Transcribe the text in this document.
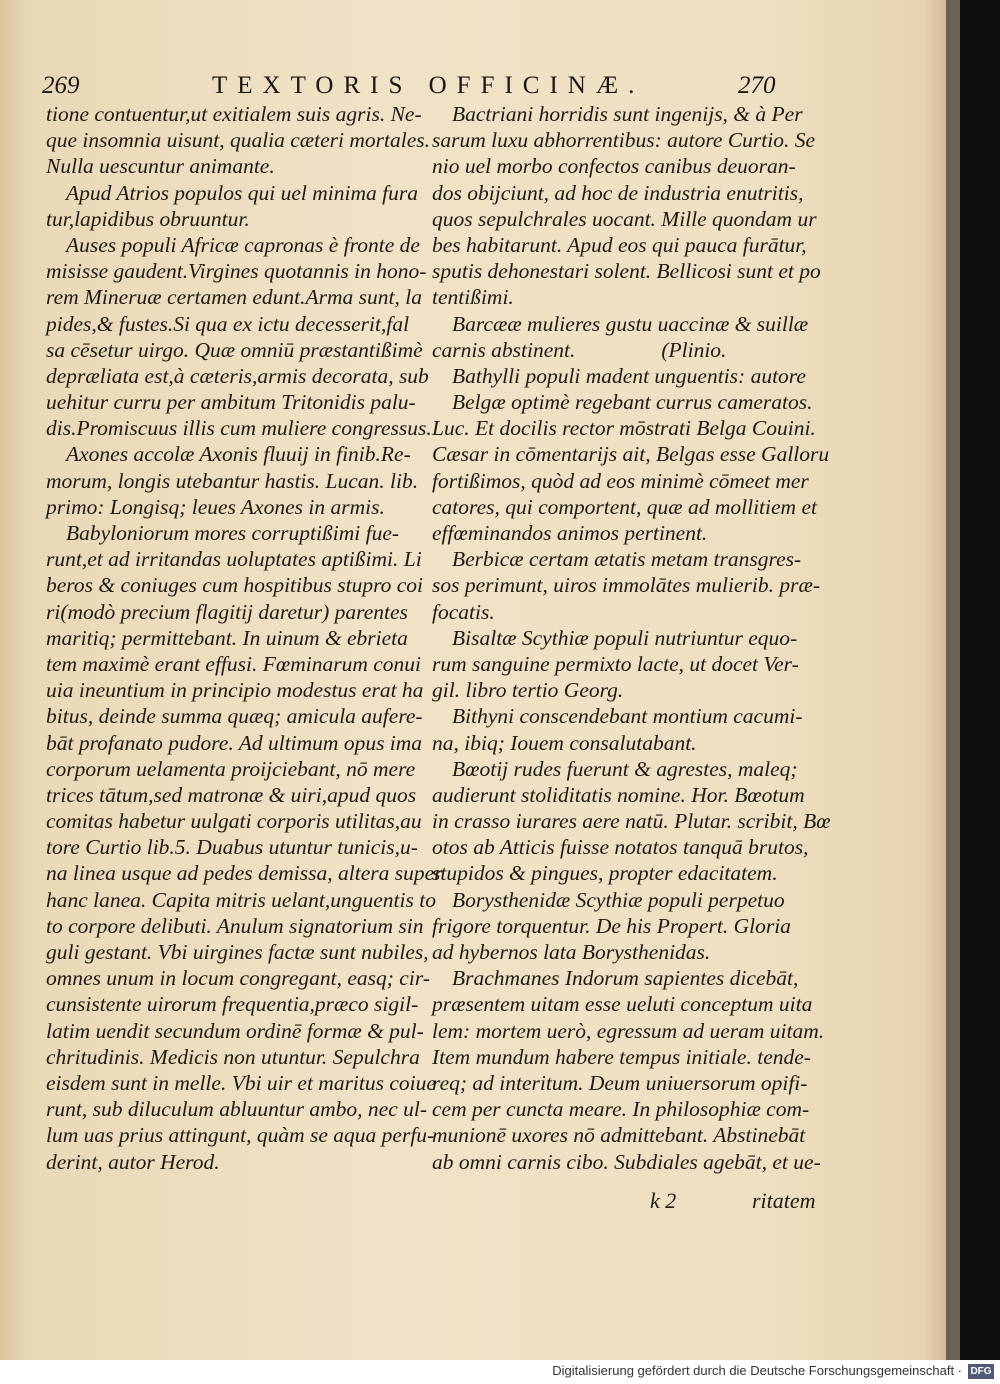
269	TEXTORIS OFFICINÆ.	270
tione contuentur,ut exitialem suis agris. Ne-
que insomnia uisunt, qualia cæteri mortales.
Nulla uescuntur animante.
Apud Atrios populos qui uel minima fura
tur,lapidibus obruuntur.
Auses populi Africæ capronas è fronte de
misisse gaudent.Virgines quotannis in hono-
rem Mineruæ certamen edunt.Arma sunt, la
pides,& fustes.Si qua ex ictu decesserit,fal
sa cēsetur uirgo. Quæ omniū præstantißimè
depræliata est,à cæteris,armis decorata, sub
uehitur curru per ambitum Tritonidis palu-
dis.Promiscuus illis cum muliere congressus.
Axones accolæ Axonis fluuij in finib.Re-
morum, longis utebantur hastis. Lucan. lib.
primo: Longisq; leues Axones in armis.
Babyloniorum mores corruptißimi fue-
runt,et ad irritandas uoluptates aptißimi. Li
beros & coniuges cum hospitibus stupro coi
ri(modò precium flagitij daretur) parentes
maritiq; permittebant. In uinum & ebrieta
tem maximè erant effusi. Fœminarum conui
uia ineuntium in principio modestus erat ha
bitus, deinde summa quæq; amicula aufere-
bāt profanato pudore. Ad ultimum opus ima
corporum uelamenta proijciebant, nō mere
trices tātum,sed matronæ & uiri,apud quos
comitas habetur uulgati corporis utilitas,au
tore Curtio lib.5. Duabus utuntur tunicis,u-
na linea usque ad pedes demissa, altera super
hanc lanea. Capita mitris uelant,unguentis to
to corpore delibuti. Anulum signatorium sin
guli gestant. Vbi uirgines factæ sunt nubiles,
omnes unum in locum congregant, easq; cir-
cunsistente uirorum frequentia,præco sigil-
latim uendit secundum ordinē formæ & pul-
chritudinis. Medicis non utuntur. Sepulchra
eisdem sunt in melle. Vbi uir et maritus coiue
runt, sub diluculum abluuntur ambo, nec ul-
lum uas prius attingunt, quàm se aqua perfu-
derint, autor Herod.
Bactriani horridis sunt ingenijs, & à Per
sarum luxu abhorrentibus: autore Curtio. Se
nio uel morbo confectos canibus deuoran-
dos obijciunt, ad hoc de industria enutritis,
quos sepulchrales uocant. Mille quondam ur
bes habitarunt. Apud eos qui pauca furātur,
sputis dehonestari solent. Bellicosi sunt et po
tentißimi.
Barcææ mulieres gustu uaccinæ & suillæ
carnis abstinent.                (Plinio.
Bathylli populi madent unguentis: autore
Belgæ optimè regebant currus cameratos.
Luc. Et docilis rector mōstrati Belga Couini.
Cæsar in cōmentarijs ait, Belgas esse Galloru
fortißimos, quòd ad eos minimè cōmeet mer
catores, qui comportent, quæ ad mollitiem et
effœminandos animos pertinent.
Berbicæ certam ætatis metam transgres-
sos perimunt, uiros immolātes mulierib. præ-
focatis.
Bisaltæ Scythiæ populi nutriuntur equo-
rum sanguine permixto lacte, ut docet Ver-
gil. libro tertio Georg.
Bithyni conscendebant montium cacumi-
na, ibiq; Iouem consalutabant.
Bœotij rudes fuerunt & agrestes, maleq;
audierunt stoliditatis nomine. Hor. Bœotum
in crasso iurares aere natū. Plutar. scribit, Bœ
otos ab Atticis fuisse notatos tanquā brutos,
stupidos & pingues, propter edacitatem.
Borysthenidæ Scythiæ populi perpetuo
frigore torquentur. De his Propert. Gloria
ad hybernos lata Borysthenidas.
Brachmanes Indorum sapientes dicebāt,
præsentem uitam esse ueluti conceptum uita
lem: mortem uerò, egressum ad ueram uitam.
Item mundum habere tempus initiale. tende-
req; ad interitum. Deum uniuersorum opifi-
cem per cuncta meare. In philosophiæ com-
munionē uxores nō admittebant. Abstinebāt
ab omni carnis cibo. Subdiales agebāt, et ue-
k 2	ritatem
Digitalisierung gefördert durch die Deutsche Forschungsgemeinschaft · DFG
